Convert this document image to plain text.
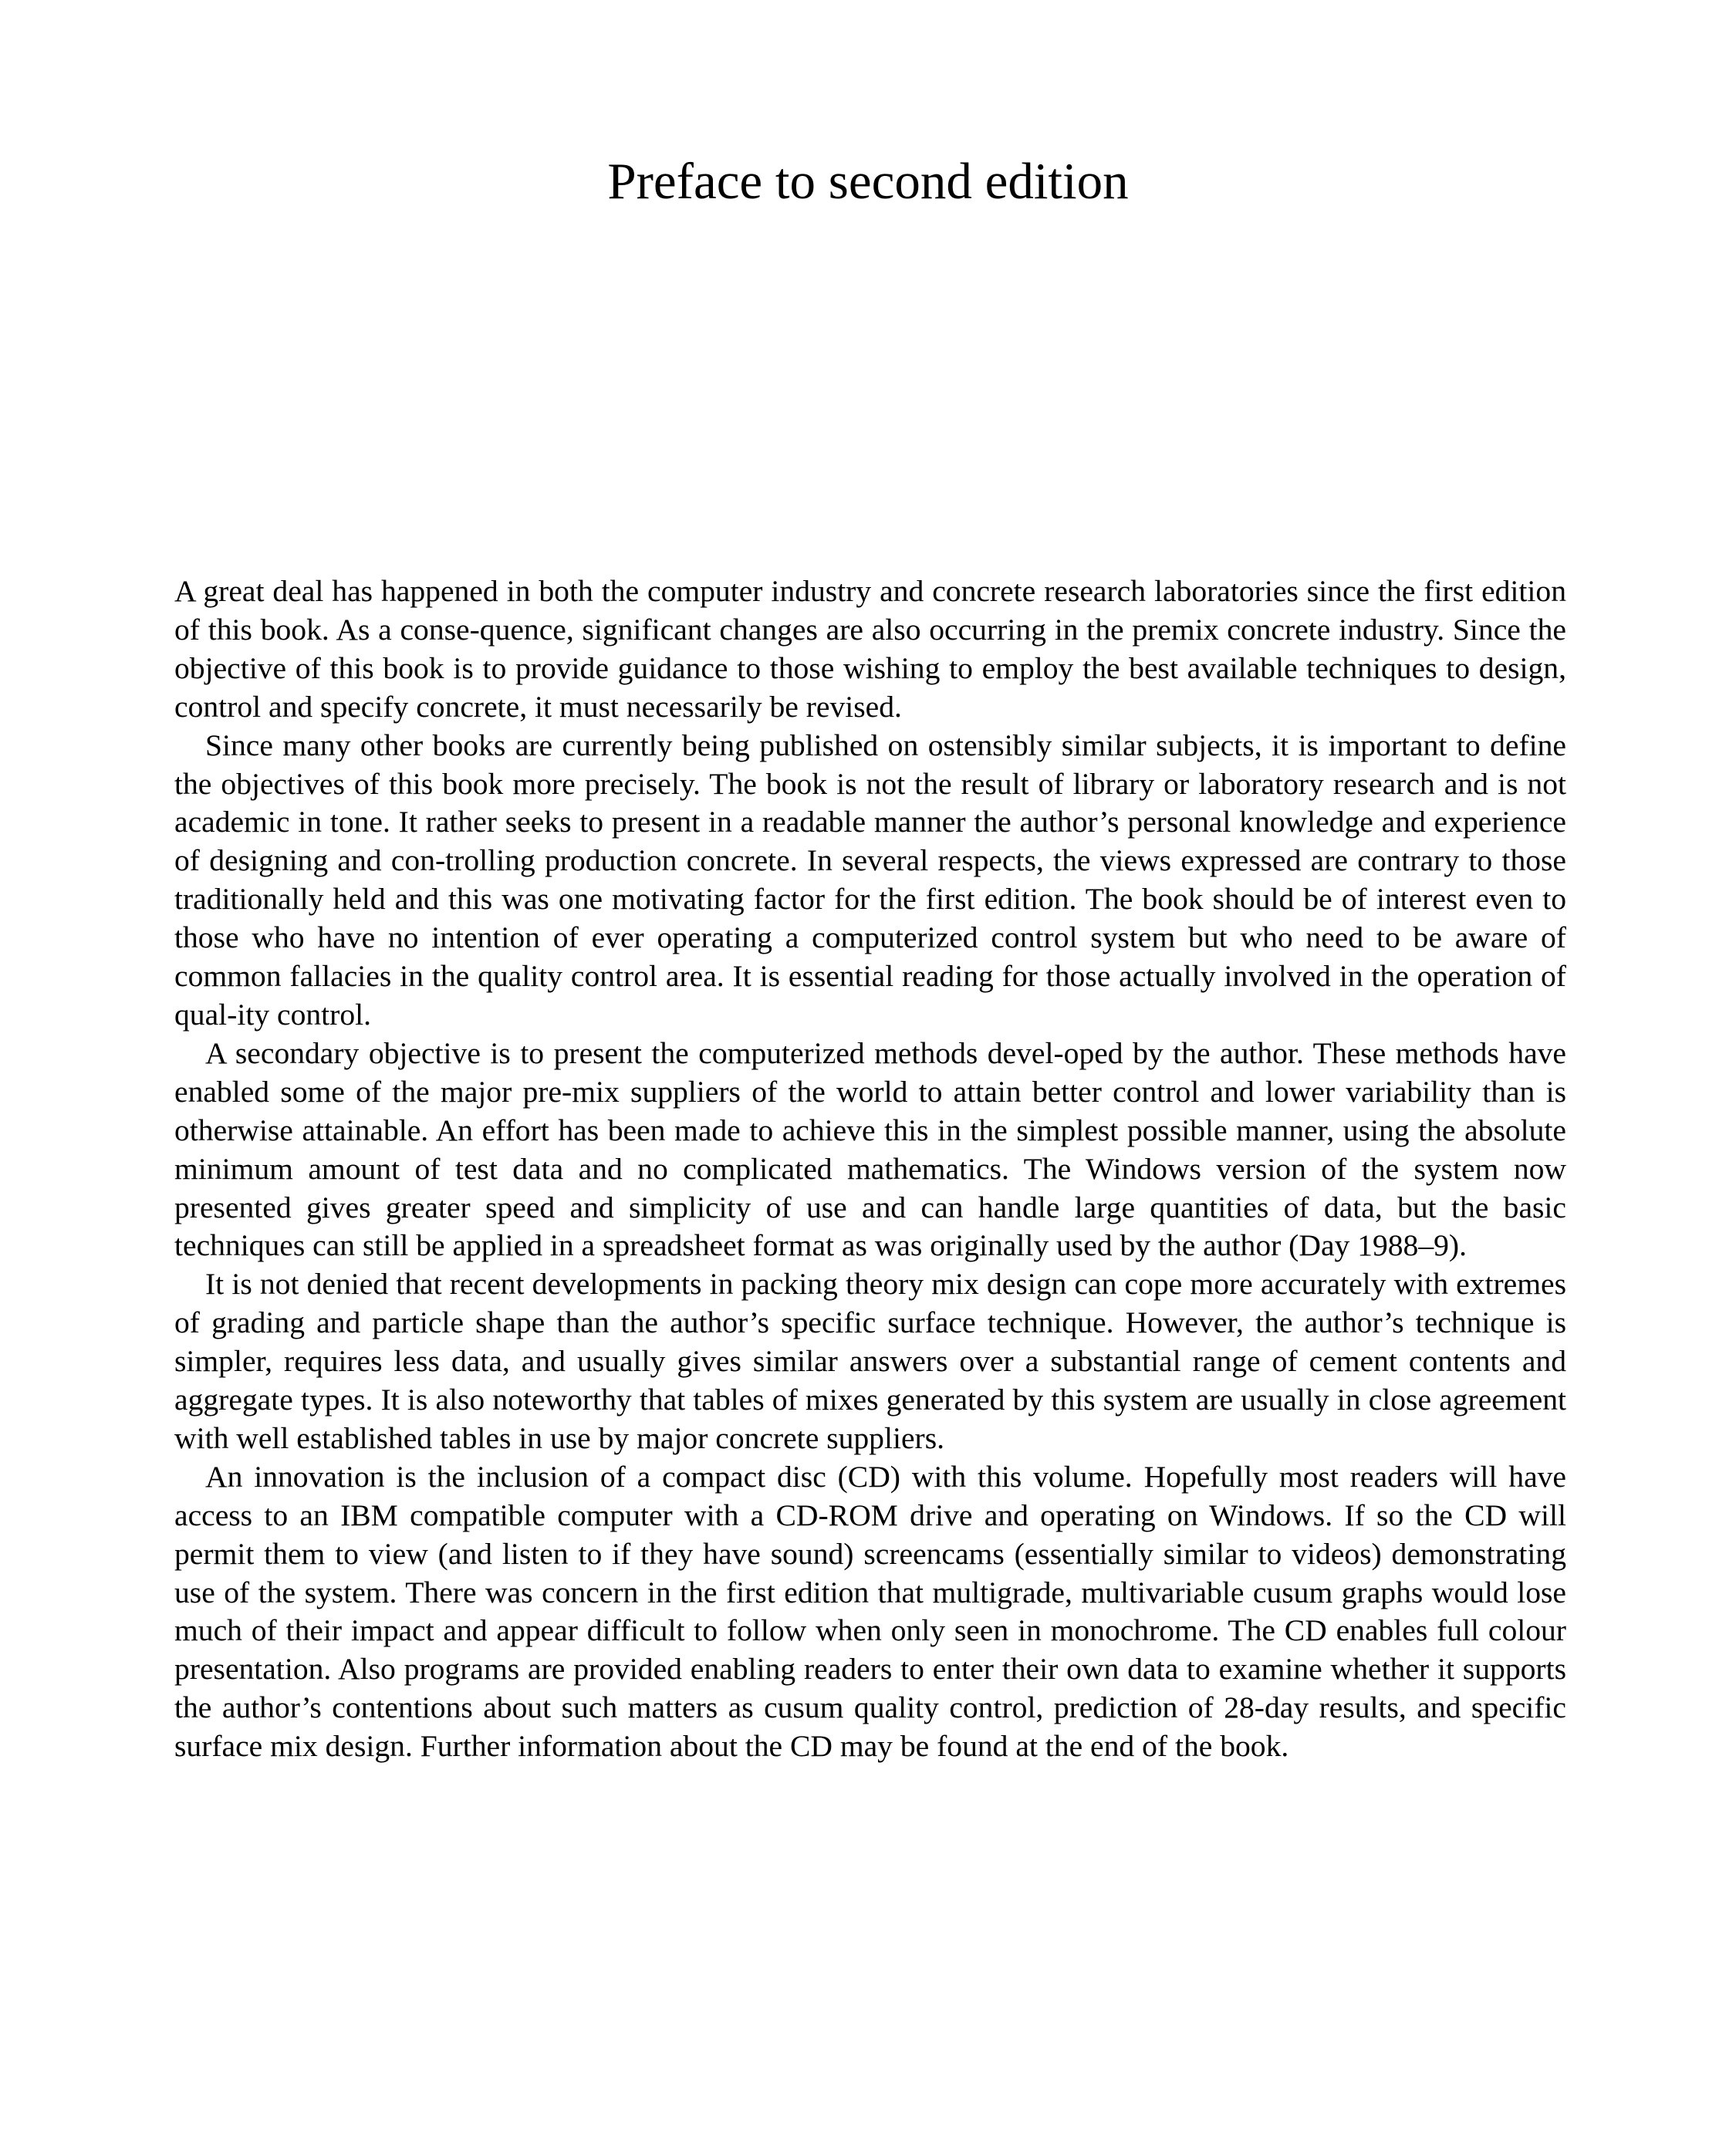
Preface to second edition

A great deal has happened in both the computer industry and concrete research laboratories since the first edition of this book. As a conse-quence, significant changes are also occurring in the premix concrete industry. Since the objective of this book is to provide guidance to those wishing to employ the best available techniques to design, control and specify concrete, it must necessarily be revised.

Since many other books are currently being published on ostensibly similar subjects, it is important to define the objectives of this book more precisely. The book is not the result of library or laboratory research and is not academic in tone. It rather seeks to present in a readable manner the author’s personal knowledge and experience of designing and con-trolling production concrete. In several respects, the views expressed are contrary to those traditionally held and this was one motivating factor for the first edition. The book should be of interest even to those who have no intention of ever operating a computerized control system but who need to be aware of common fallacies in the quality control area. It is essential reading for those actually involved in the operation of qual-ity control.

A secondary objective is to present the computerized methods devel-oped by the author. These methods have enabled some of the major pre-mix suppliers of the world to attain better control and lower variability than is otherwise attainable. An effort has been made to achieve this in the simplest possible manner, using the absolute minimum amount of test data and no complicated mathematics. The Windows version of the system now presented gives greater speed and simplicity of use and can handle large quantities of data, but the basic techniques can still be applied in a spreadsheet format as was originally used by the author (Day 1988–9).

It is not denied that recent developments in packing theory mix design can cope more accurately with extremes of grading and particle shape than the author’s specific surface technique. However, the author’s technique is simpler, requires less data, and usually gives similar answers over a substantial range of cement contents and aggregate types. It is also noteworthy that tables of mixes generated by this system are usually in close agreement with well established tables in use by major concrete suppliers.

An innovation is the inclusion of a compact disc (CD) with this volume. Hopefully most readers will have access to an IBM compatible computer with a CD-ROM drive and operating on Windows. If so the CD will permit them to view (and listen to if they have sound) screencams (essentially similar to videos) demonstrating use of the system. There was concern in the first edition that multigrade, multivariable cusum graphs would lose much of their impact and appear difficult to follow when only seen in monochrome. The CD enables full colour presentation. Also programs are provided enabling readers to enter their own data to examine whether it supports the author’s contentions about such matters as cusum quality control, prediction of 28-day results, and specific surface mix design. Further information about the CD may be found at the end of the book.
